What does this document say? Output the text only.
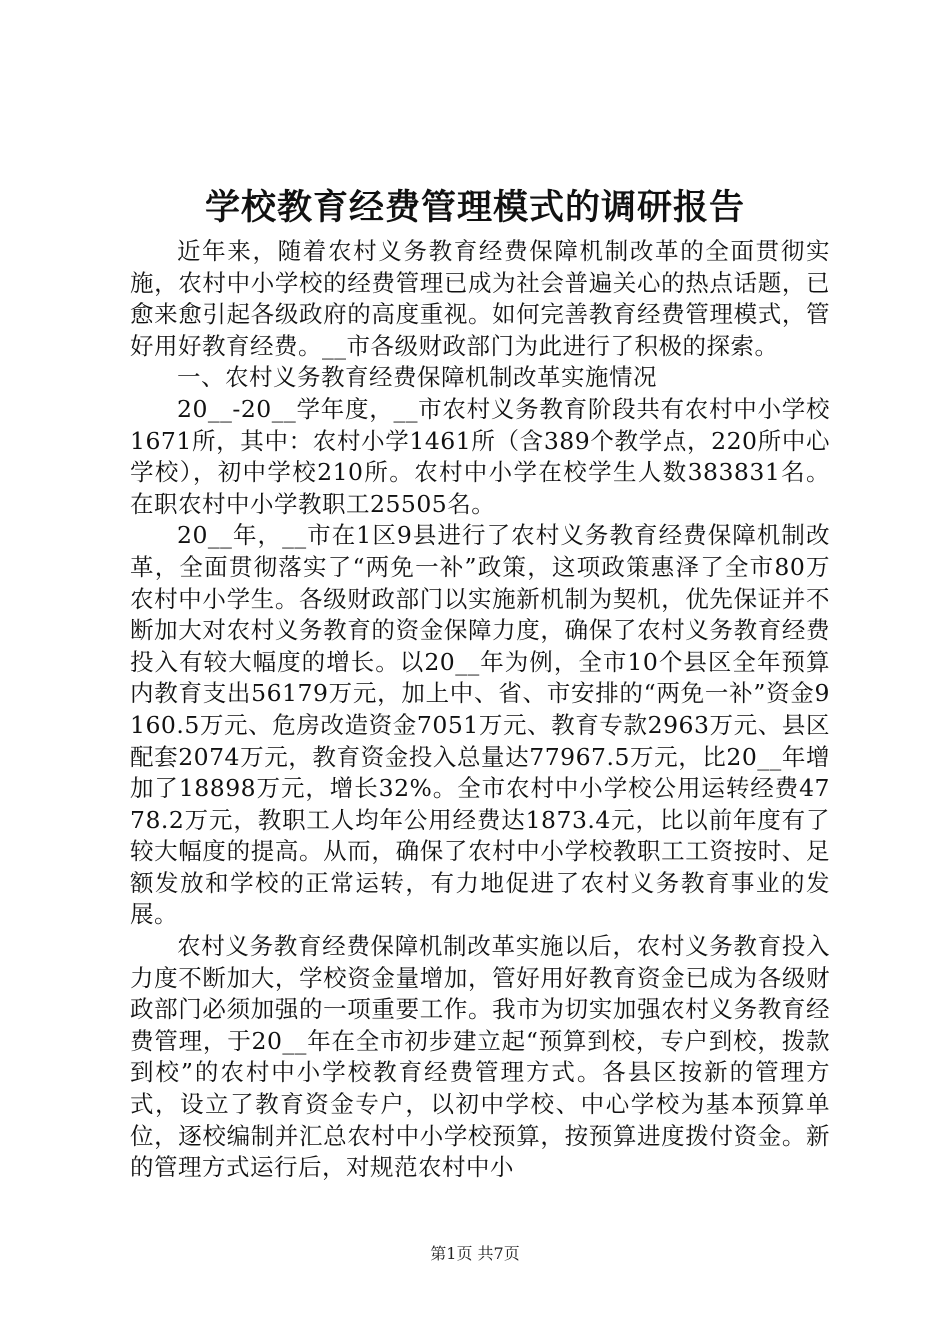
学校教育经费管理模式的调研报告

近年来，随着农村义务教育经费保障机制改革的全面贯彻实施，农村中小学校的经费管理已成为社会普遍关心的热点话题，已愈来愈引起各级政府的高度重视。如何完善教育经费管理模式，管好用好教育经费。__市各级财政部门为此进行了积极的探索。

一、农村义务教育经费保障机制改革实施情况

20__-20__学年度，__市农村义务教育阶段共有农村中小学校1671所，其中：农村小学1461所（含389个教学点，220所中心学校），初中学校210所。农村中小学在校学生人数383831名。在职农村中小学教职工25505名。

20__年，__市在1区9县进行了农村义务教育经费保障机制改革，全面贯彻落实了“两免一补”政策，这项政策惠泽了全市80万农村中小学生。各级财政部门以实施新机制为契机，优先保证并不断加大对农村义务教育的资金保障力度，确保了农村义务教育经费投入有较大幅度的增长。以20__年为例，全市10个县区全年预算内教育支出56179万元，加上中、省、市安排的“两免一补”资金9160.5万元、危房改造资金7051万元、教育专款2963万元、县区配套2074万元，教育资金投入总量达77967.5万元，比20__年增加了18898万元，增长32%。全市农村中小学校公用运转经费4778.2万元，教职工人均年公用经费达1873.4元，比以前年度有了较大幅度的提高。从而，确保了农村中小学校教职工工资按时、足额发放和学校的正常运转，有力地促进了农村义务教育事业的发展。

农村义务教育经费保障机制改革实施以后，农村义务教育投入力度不断加大，学校资金量增加，管好用好教育资金已成为各级财政部门必须加强的一项重要工作。我市为切实加强农村义务教育经费管理，于20__年在全市初步建立起“预算到校，专户到校，拨款到校”的农村中小学校教育经费管理方式。各县区按新的管理方式，设立了教育资金专户，以初中学校、中心学校为基本预算单位，逐校编制并汇总农村中小学校预算，按预算进度拨付资金。新的管理方式运行后，对规范农村中小

第1页 共7页
